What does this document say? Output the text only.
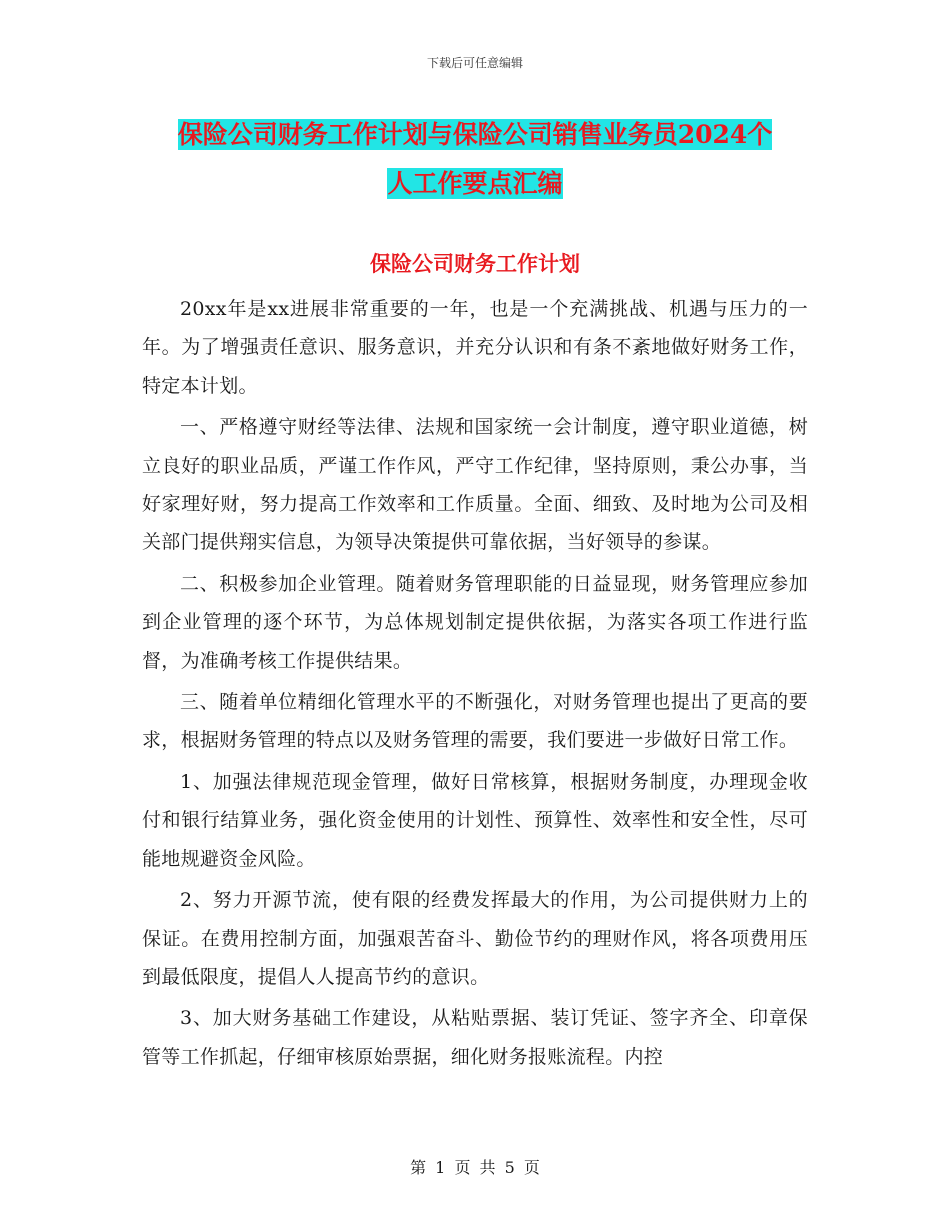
下载后可任意编辑
保险公司财务工作计划与保险公司销售业务员2024个
人工作要点汇编
保险公司财务工作计划

20xx年是xx进展非常重要的一年，也是一个充满挑战、机遇与压力的一年。为了增强责任意识、服务意识，并充分认识和有条不紊地做好财务工作，特定本计划。

一、严格遵守财经等法律、法规和国家统一会计制度，遵守职业道德，树立良好的职业品质，严谨工作作风，严守工作纪律，坚持原则，秉公办事，当好家理好财，努力提高工作效率和工作质量。全面、细致、及时地为公司及相关部门提供翔实信息，为领导决策提供可靠依据，当好领导的参谋。

二、积极参加企业管理。随着财务管理职能的日益显现，财务管理应参加到企业管理的逐个环节，为总体规划制定提供依据，为落实各项工作进行监督，为准确考核工作提供结果。

三、随着单位精细化管理水平的不断强化，对财务管理也提出了更高的要求，根据财务管理的特点以及财务管理的需要，我们要进一步做好日常工作。

1、加强法律规范现金管理，做好日常核算，根据财务制度，办理现金收付和银行结算业务，强化资金使用的计划性、预算性、效率性和安全性，尽可能地规避资金风险。

2、努力开源节流，使有限的经费发挥最大的作用，为公司提供财力上的保证。在费用控制方面，加强艰苦奋斗、勤俭节约的理财作风，将各项费用压到最低限度，提倡人人提高节约的意识。

3、加大财务基础工作建设，从粘贴票据、装订凭证、签字齐全、印章保管等工作抓起，仔细审核原始票据，细化财务报账流程。内控

第 1 页 共 5 页
